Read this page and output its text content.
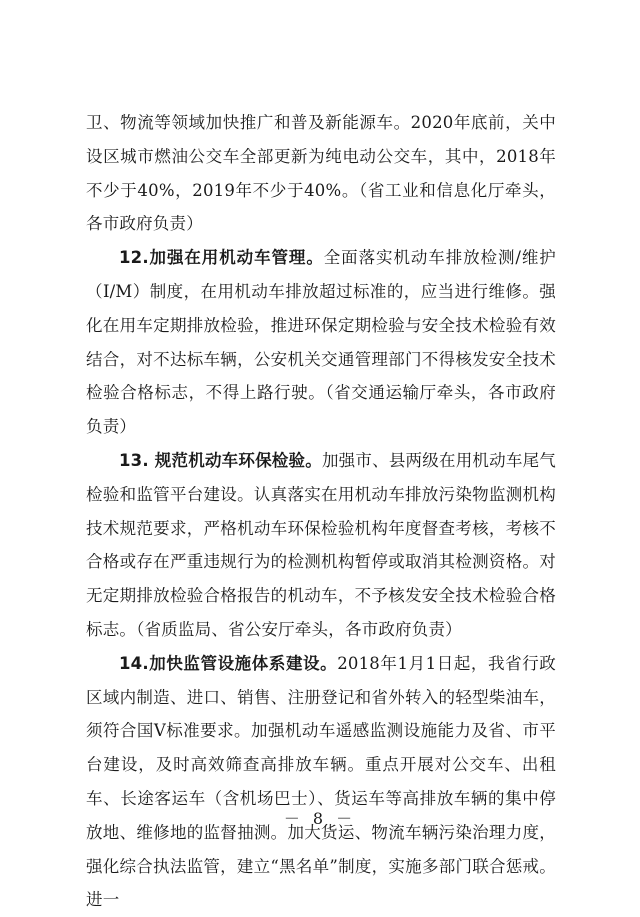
卫、物流等领域加快推广和普及新能源车。2020年底前，关中设区城市燃油公交车全部更新为纯电动公交车，其中，2018年不少于40%，2019年不少于40%。（省工业和信息化厅牵头，各市政府负责）

12.加强在用机动车管理。全面落实机动车排放检测/维护（I/M）制度，在用机动车排放超过标准的，应当进行维修。强化在用车定期排放检验，推进环保定期检验与安全技术检验有效结合，对不达标车辆，公安机关交通管理部门不得核发安全技术检验合格标志，不得上路行驶。（省交通运输厅牵头，各市政府负责）

13. 规范机动车环保检验。加强市、县两级在用机动车尾气检验和监管平台建设。认真落实在用机动车排放污染物监测机构技术规范要求，严格机动车环保检验机构年度督查考核，考核不合格或存在严重违规行为的检测机构暂停或取消其检测资格。对无定期排放检验合格报告的机动车，不予核发安全技术检验合格标志。（省质监局、省公安厅牵头，各市政府负责）

14.加快监管设施体系建设。2018年1月1日起，我省行政区域内制造、进口、销售、注册登记和省外转入的轻型柴油车，须符合国Ⅴ标准要求。加强机动车遥感监测设施能力及省、市平台建设，及时高效筛查高排放车辆。重点开展对公交车、出租车、长途客运车（含机场巴士）、货运车等高排放车辆的集中停放地、维修地的监督抽测。加大货运、物流车辆污染治理力度，强化综合执法监管，建立“黑名单”制度，实施多部门联合惩戒。进一

－ 8 －
